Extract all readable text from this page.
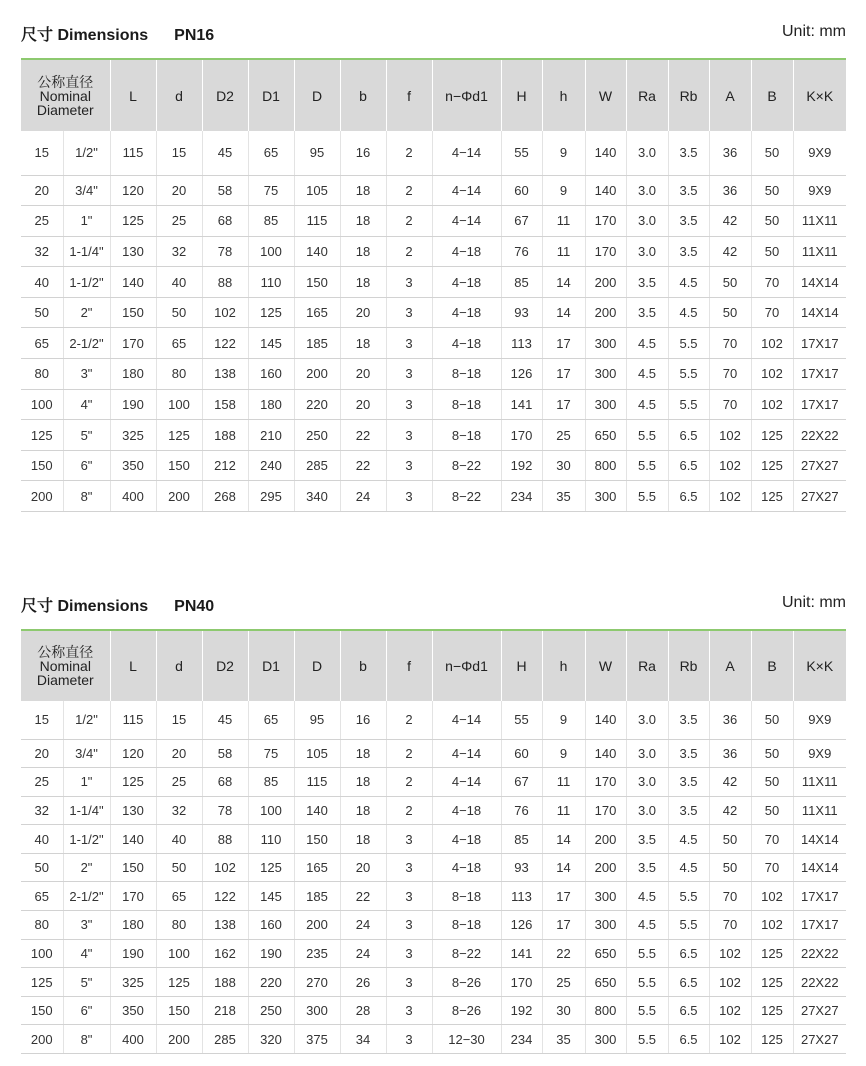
尺寸 Dimensions PN16	Unit: mm
公称直径
Nominal
Diameter		L	d	D2	D1	D	b	f	n−Φd1	H	h	W	Ra	Rb	A	B	K×K
15	1/2"	115	15	45	65	95	16	2	4−14	55	9	140	3.0	3.5	36	50	9X9
20	3/4"	120	20	58	75	105	18	2	4−14	60	9	140	3.0	3.5	36	50	9X9
25	1"	125	25	68	85	115	18	2	4−14	67	11	170	3.0	3.5	42	50	11X11
32	1-1/4"	130	32	78	100	140	18	2	4−18	76	11	170	3.0	3.5	42	50	11X11
40	1-1/2"	140	40	88	110	150	18	3	4−18	85	14	200	3.5	4.5	50	70	14X14
50	2"	150	50	102	125	165	20	3	4−18	93	14	200	3.5	4.5	50	70	14X14
65	2-1/2"	170	65	122	145	185	18	3	4−18	113	17	300	4.5	5.5	70	102	17X17
80	3"	180	80	138	160	200	20	3	8−18	126	17	300	4.5	5.5	70	102	17X17
100	4"	190	100	158	180	220	20	3	8−18	141	17	300	4.5	5.5	70	102	17X17
125	5"	325	125	188	210	250	22	3	8−18	170	25	650	5.5	6.5	102	125	22X22
150	6"	350	150	212	240	285	22	3	8−22	192	30	800	5.5	6.5	102	125	27X27
200	8"	400	200	268	295	340	24	3	8−22	234	35	300	5.5	6.5	102	125	27X27
尺寸 Dimensions PN40	Unit: mm
公称直径
Nominal
Diameter		L	d	D2	D1	D	b	f	n−Φd1	H	h	W	Ra	Rb	A	B	K×K
15	1/2"	115	15	45	65	95	16	2	4−14	55	9	140	3.0	3.5	36	50	9X9
20	3/4"	120	20	58	75	105	18	2	4−14	60	9	140	3.0	3.5	36	50	9X9
25	1"	125	25	68	85	115	18	2	4−14	67	11	170	3.0	3.5	42	50	11X11
32	1-1/4"	130	32	78	100	140	18	2	4−18	76	11	170	3.0	3.5	42	50	11X11
40	1-1/2"	140	40	88	110	150	18	3	4−18	85	14	200	3.5	4.5	50	70	14X14
50	2"	150	50	102	125	165	20	3	4−18	93	14	200	3.5	4.5	50	70	14X14
65	2-1/2"	170	65	122	145	185	22	3	8−18	113	17	300	4.5	5.5	70	102	17X17
80	3"	180	80	138	160	200	24	3	8−18	126	17	300	4.5	5.5	70	102	17X17
100	4"	190	100	162	190	235	24	3	8−22	141	22	650	5.5	6.5	102	125	22X22
125	5"	325	125	188	220	270	26	3	8−26	170	25	650	5.5	6.5	102	125	22X22
150	6"	350	150	218	250	300	28	3	8−26	192	30	800	5.5	6.5	102	125	27X27
200	8"	400	200	285	320	375	34	3	12−30	234	35	300	5.5	6.5	102	125	27X27
